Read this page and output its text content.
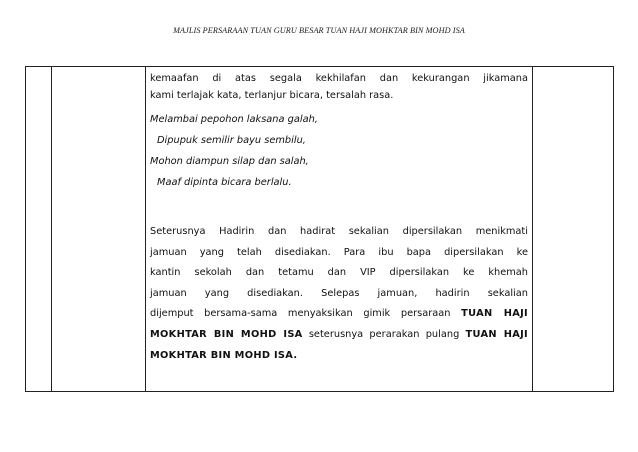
MAJLIS PERSARAAN TUAN GURU BESAR TUAN HAJI MOHKTAR BIN MOHD ISA

kemaafan di atas segala kekhilafan dan kekurangan jikamana
kami terlajak kata, terlanjur bicara, tersalah rasa.
Melambai pepohon laksana galah,
Dipupuk semilir bayu sembilu,
Mohon diampun silap dan salah,
Maaf dipinta bicara berlalu.
Seterusnya Hadirin dan hadirat sekalian dipersilakan menikmati
jamuan yang telah disediakan. Para ibu bapa dipersilakan ke
kantin sekolah dan tetamu dan VIP dipersilakan ke khemah
jamuan yang disediakan. Selepas jamuan, hadirin sekalian
dijemput bersama-sama menyaksikan gimik persaraan TUAN HAJI
MOKHTAR BIN MOHD ISA seterusnya perarakan pulang TUAN HAJI
MOKHTAR BIN MOHD ISA.
